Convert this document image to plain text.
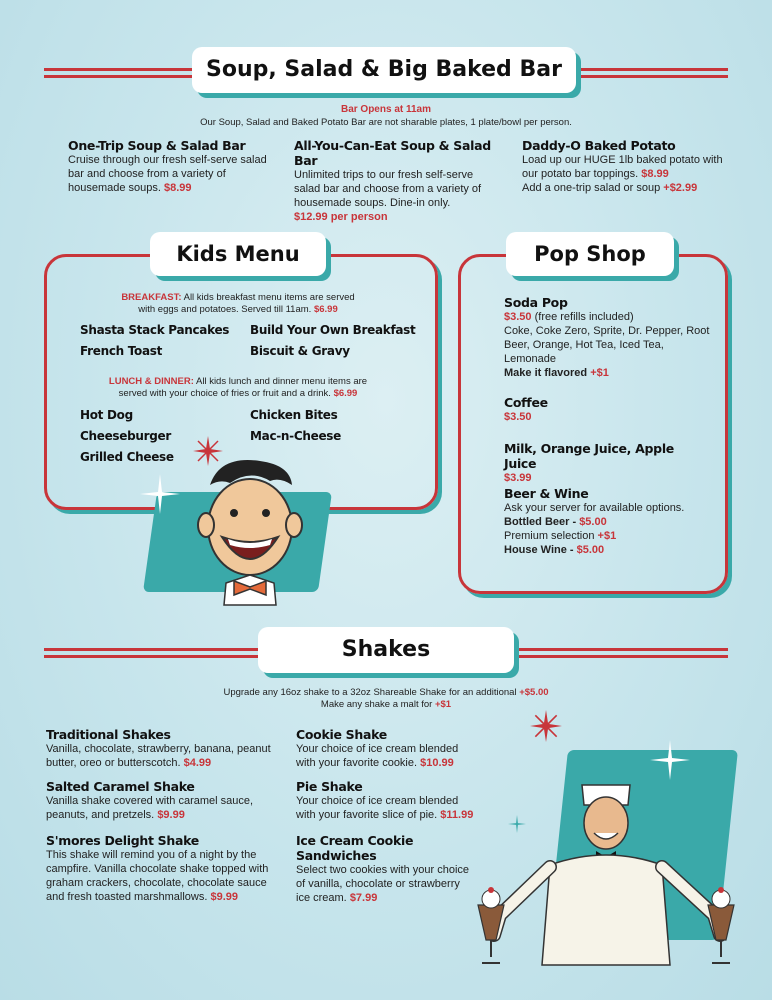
Soup, Salad & Big Baked Bar
Bar Opens at 11am
Our Soup, Salad and Baked Potato Bar are not sharable plates, 1 plate/bowl per person.
One-Trip Soup & Salad Bar
Cruise through our fresh self-serve salad bar and choose from a variety of housemade soups. $8.99
All-You-Can-Eat Soup & Salad Bar
Unlimited trips to our fresh self-serve salad bar and choose from a variety of housemade soups. Dine-in only.
$12.99 per person
Daddy-O Baked Potato
Load up our HUGE 1lb baked potato with our potato bar toppings. $8.99
Add a one-trip salad or soup +$2.99
Kids Menu
BREAKFAST: All kids breakfast menu items are served with eggs and potatoes. Served till 11am. $6.99
Shasta Stack Pancakes
French Toast
Build Your Own Breakfast
Biscuit & Gravy
LUNCH & DINNER: All kids lunch and dinner menu items are served with your choice of fries or fruit and a drink. $6.99
Hot Dog
Cheeseburger
Grilled Cheese
Chicken Bites
Mac-n-Cheese
Pop Shop
Soda Pop
$3.50 (free refills included)
Coke, Coke Zero, Sprite, Dr. Pepper, Root Beer, Orange, Hot Tea, Iced Tea, Lemonade
Make it flavored +$1
Coffee
$3.50
Milk, Orange Juice, Apple Juice
$3.99
Beer & Wine
Ask your server for available options.
Bottled Beer - $5.00
Premium selection +$1
House Wine - $5.00
Shakes
Upgrade any 16oz shake to a 32oz Shareable Shake for an additional +$5.00
Make any shake a malt for +$1
Traditional Shakes
Vanilla, chocolate, strawberry, banana, peanut butter, oreo or butterscotch. $4.99
Salted Caramel Shake
Vanilla shake covered with caramel sauce, peanuts, and pretzels. $9.99
S'mores Delight Shake
This shake will remind you of a night by the campfire. Vanilla chocolate shake topped with graham crackers, chocolate, chocolate sauce and fresh toasted marshmallows. $9.99
Cookie Shake
Your choice of ice cream blended with your favorite cookie. $10.99
Pie Shake
Your choice of ice cream blended with your favorite slice of pie. $11.99
Ice Cream Cookie Sandwiches
Select two cookies with your choice of vanilla, chocolate or strawberry ice cream. $7.99
